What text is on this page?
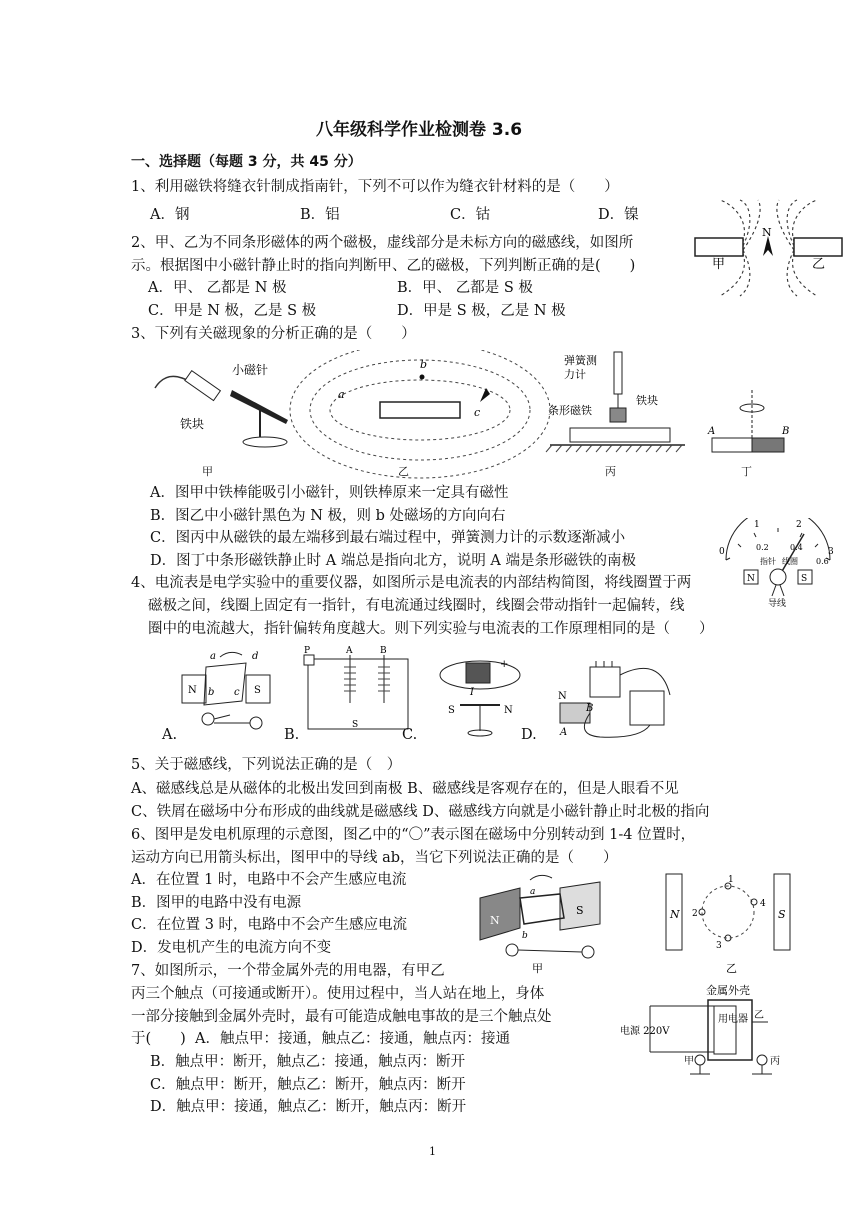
八年级科学作业检测卷 3.6
一、选择题（每题 3 分，共 45 分）
1、利用磁铁将缝衣针制成指南针，下列不可以作为缝衣针材料的是（　　）
A．钢	B．铝	C．钴	D．镍
甲
N
乙
2、甲、乙为不同条形磁体的两个磁极，虚线部分是未标方向的磁感线，如图所
示。根据图中小磁针静止时的指向判断甲、乙的磁极，下列判断正确的是(　　)
A．甲、 乙都是 N 极	B．甲、 乙都是 S 极
C．甲是 N 极，乙是 S 极	D．甲是 S 极，乙是 N 极
3、下列有关磁现象的分析正确的是（　　）
小磁针
铁块
b
a
c
弹簧测
力计
条形磁铁
铁块
A	B
甲	乙	丙	丁
A．图甲中铁棒能吸引小磁针，则铁棒原来一定具有磁性
B．图乙中小磁针黑色为 N 极，则 b 处磁场的方向向右
C．图丙中从磁铁的最左端移到最右端过程中，弹簧测力计的示数逐渐减小
D．图丁中条形磁铁静止时 A 端总是指向北方，说明 A 端是条形磁铁的南极
0
1	2
3
0.2	0.4
0.6
指针 线圈
N	S
导线
4、电流表是电学实验中的重要仪器，如图所示是电流表的内部结构简图，将线圈置于两
磁极之间，线圈上固定有一指针，有电流通过线圈时，线圈会带动指针一起偏转，线
圈中的电流越大，指针偏转角度越大。则下列实验与电流表的工作原理相同的是（　　）
a	d
N b c S
P	A	B
S
+
I
S	N
N
B
A
A.	B.	C.	D.
5、关于磁感线，下列说法正确的是（　）
A、磁感线总是从磁体的北极出发回到南极 B、磁感线是客观存在的，但是人眼看不见
C、铁屑在磁场中分布形成的曲线就是磁感线 D、磁感线方向就是小磁针静止时北极的指向
6、图甲是发电机原理的示意图，图乙中的“〇”表示图在磁场中分别转动到 1-4 位置时，
运动方向已用箭头标出，图甲中的导线 ab，当它下列说法正确的是（　　）
A．在位置 1 时，电路中不会产生感应电流
B．图甲的电路中没有电源
C．在位置 3 时，电路中不会产生感应电流
D．发电机产生的电流方向不变
a
b
N
S
甲
N	S
1
2
3
4
乙
7、如图所示，一个带金属外壳的用电器，有甲乙
丙三个触点（可接通或断开）。使用过程中，当人站在地上，身体
一部分接触到金属外壳时，最有可能造成触电事故的是三个触点处
于(　　) A．触点甲：接通，触点乙：接通，触点丙：接通
B．触点甲：断开，触点乙：接通，触点丙：断开
C．触点甲：断开，触点乙：断开，触点丙：断开
D．触点甲：接通，触点乙：断开，触点丙：断开
金属外壳
用电器
电源 220V
甲
乙
丙
1
